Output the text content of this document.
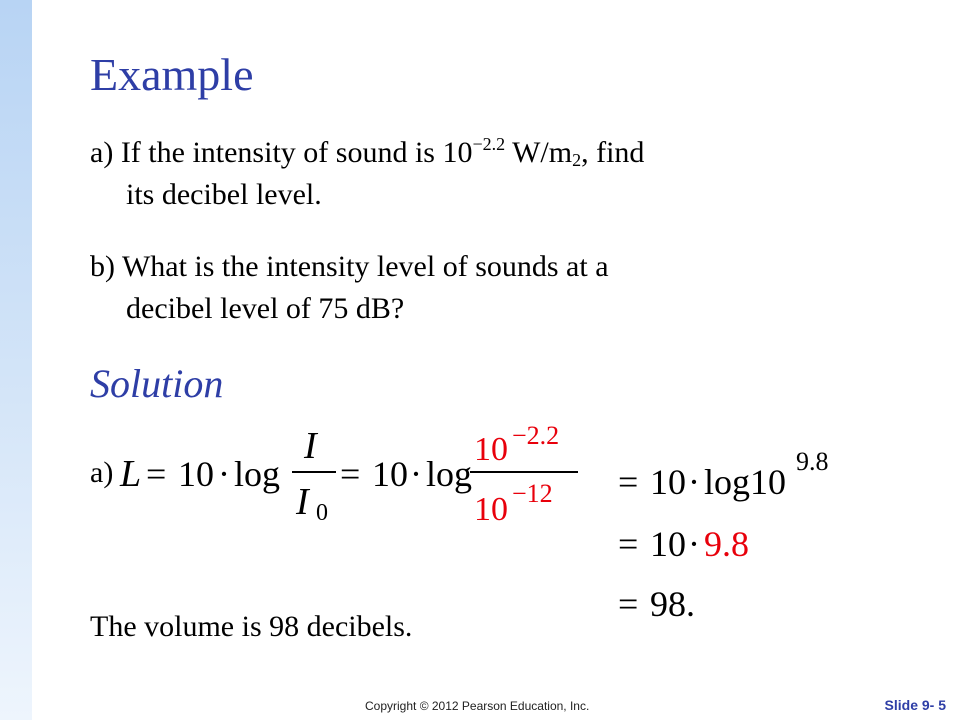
Example
a) If the intensity of sound is $10^{-2.2}$ $W/m_2$, find
its decibel level.
b) What is the intensity level of sounds at a
decibel level of 75 dB?
Solution
a) L = 10 · log
I
I 0
= 10 · log
10 −2.2
10 −12 = 10 · log10
9.8
= 10 · 9.8
= 98.
The volume is 98 decibels.
Copyright © 2012 Pearson Education, Inc.	Slide 9- 5
